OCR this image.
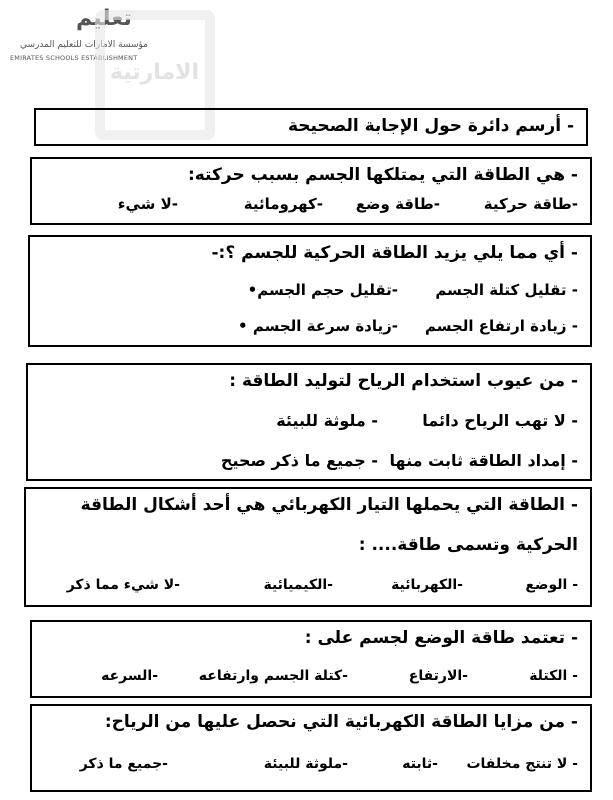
تعليم
مؤسسة الامارات للتعليم المدرسي
EMIRATES SCHOOLS ESTABLISHMENT
الامارتية
- أرسم دائرة حول الإجابة الصحيحة
- هي الطاقة التي يمتلكها الجسم بسبب حركته:
-طاقة حركية
-طاقة وضع
-كهرومائية
-لا شيء
- أي مما يلي يزيد الطاقة الحركية للجسم ؟:-
- تقليل كتلة الجسم
-تقليل حجم الجسم•
- زيادة ارتفاع الجسم
-زيادة سرعة الجسم •
- من عيوب استخدام الرياح لتوليد الطاقة :
- لا تهب الرياح دائما
- ملوثة للبيئة
- إمداد الطاقة ثابت منها
- جميع ما ذكر صحيح
- الطاقة التي يحملها التيار الكهربائي هي أحد أشكال الطاقة
الحركية وتسمى طاقة.... :
- الوضع
-الكهربائية
-الكيميائية
-لا شيء مما ذكر
- تعتمد طاقة الوضع لجسم على :
- الكتلة
-الارتفاع
-كتلة الجسم وارتفاعه
-السرعه
- من مزايا الطاقة الكهربائية التي نحصل عليها من الرياح:
- لا تنتج مخلفات
-ثابته
-ملوثة للبيئة
-جميع ما ذكر
